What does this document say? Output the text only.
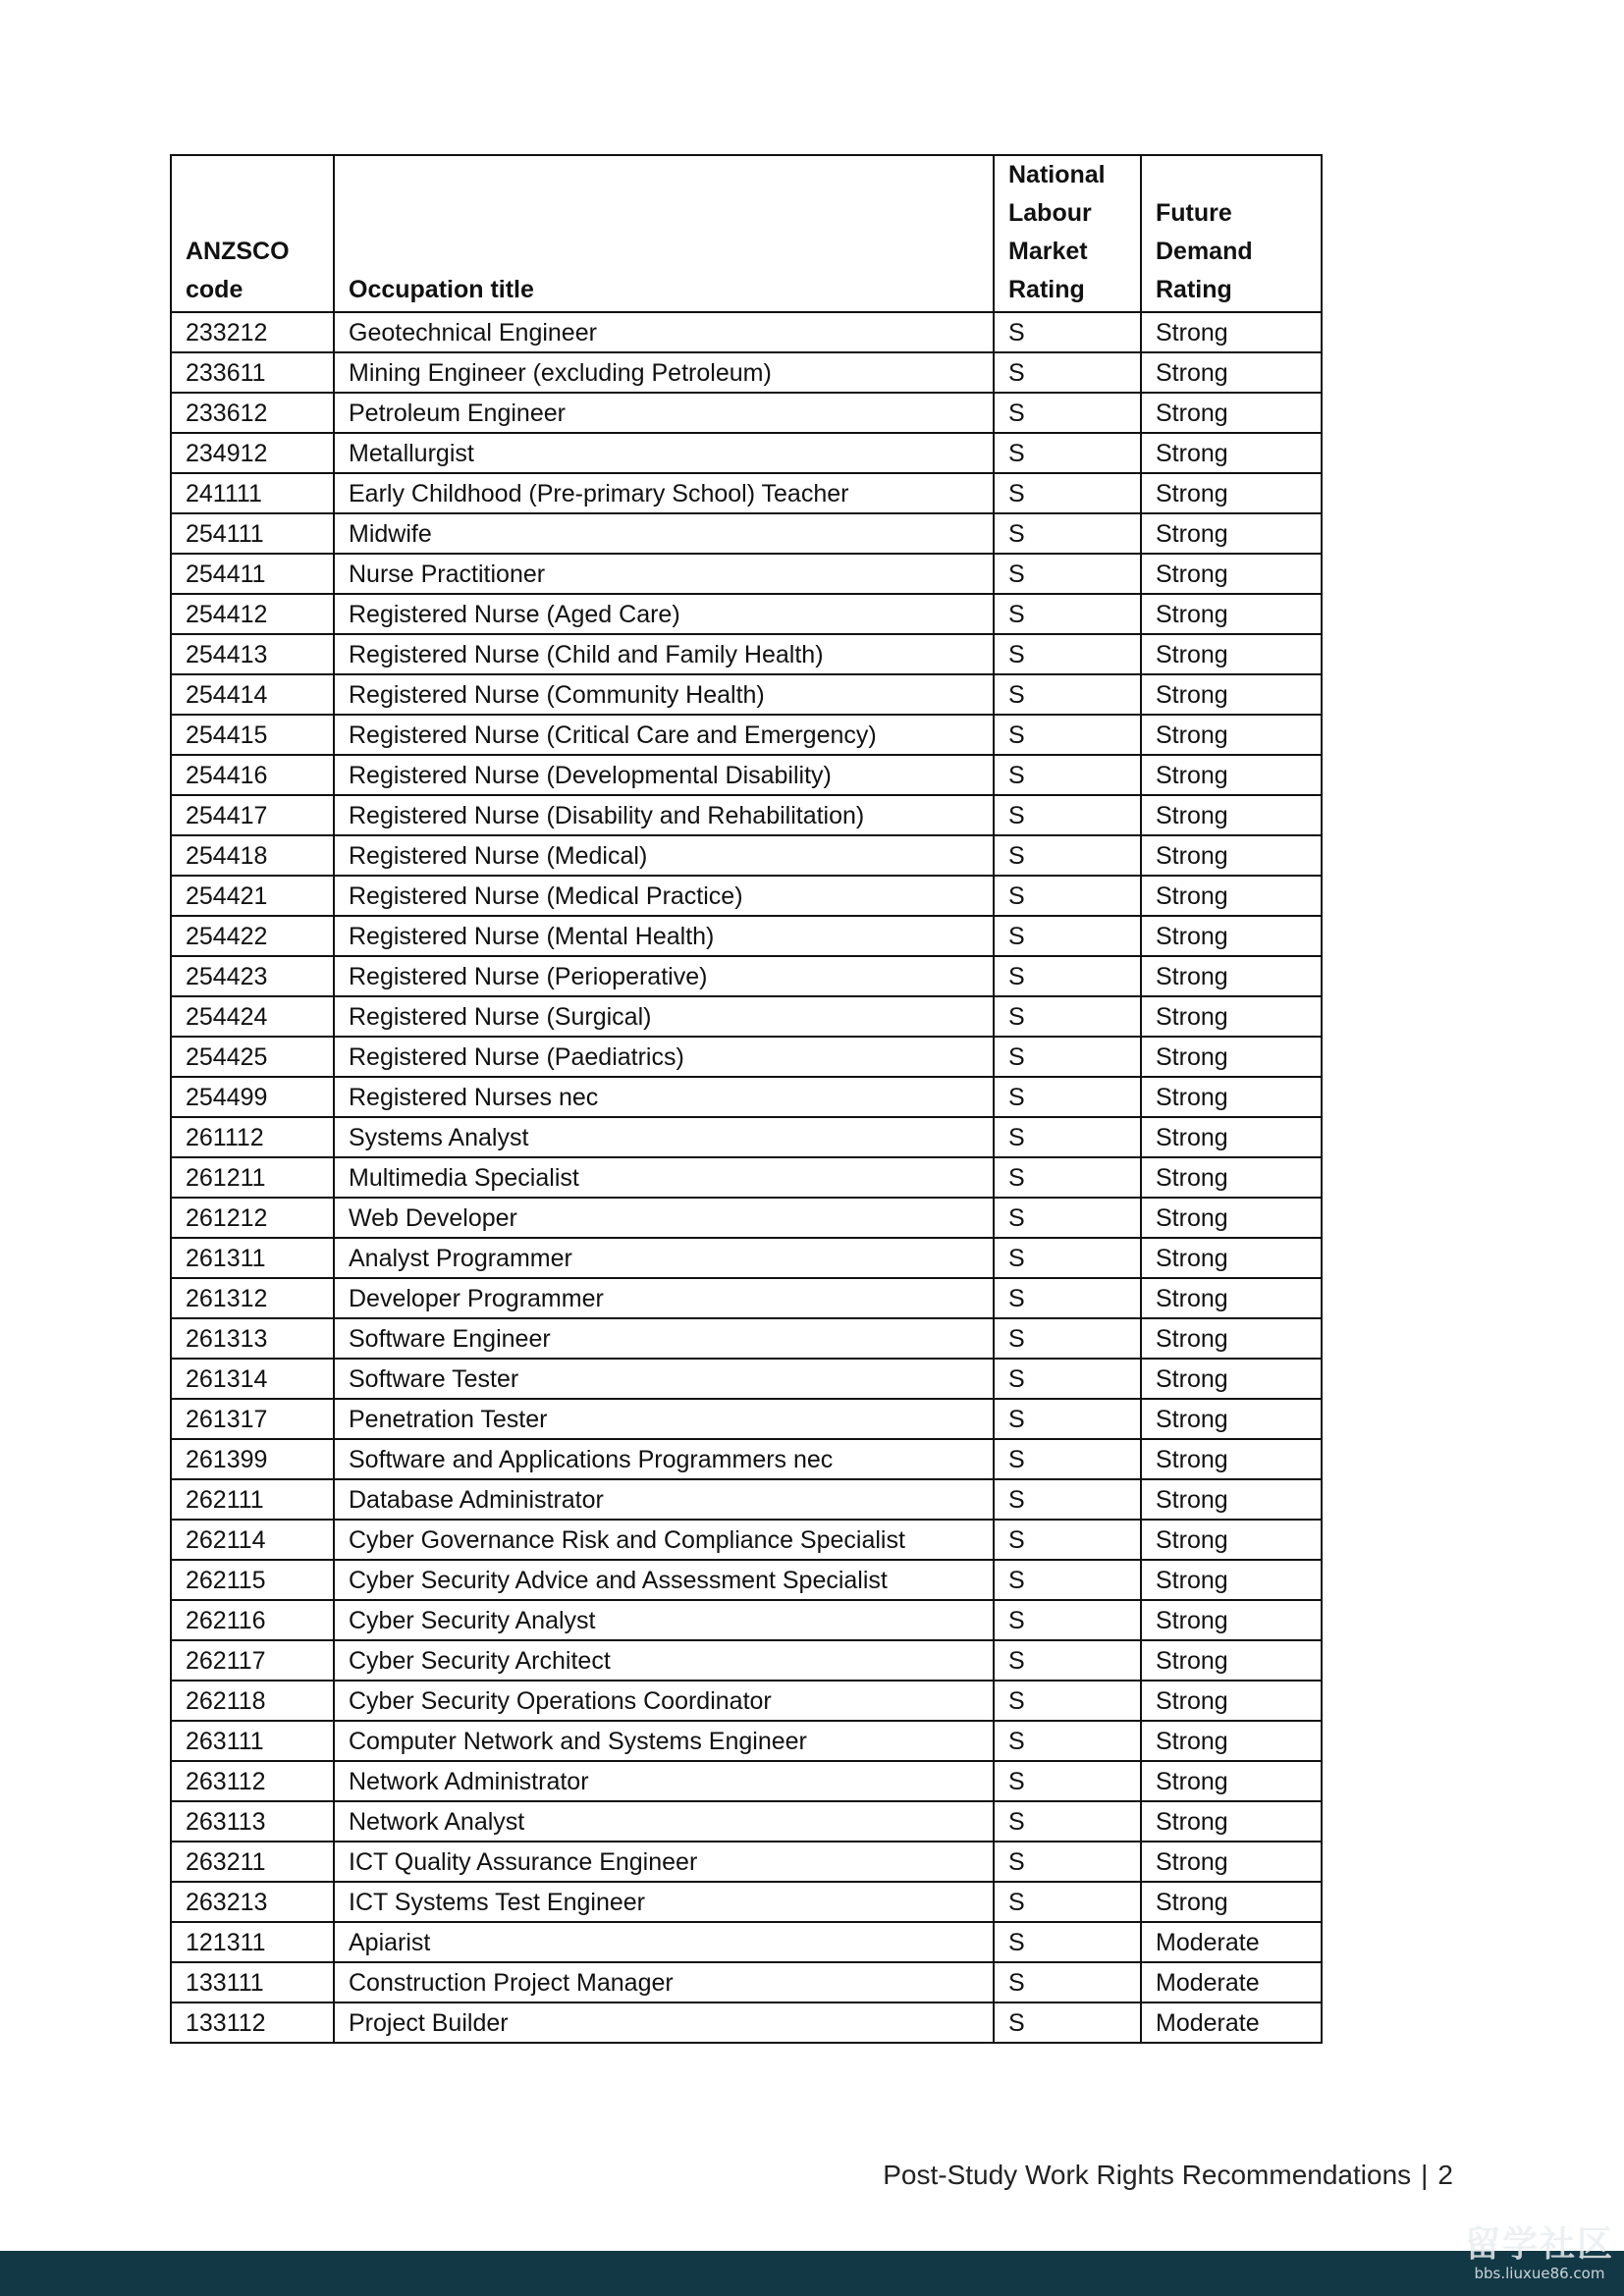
ANZSCO code	Occupation title	National Labour Market Rating	Future Demand Rating
233212	Geotechnical Engineer	S	Strong
233611	Mining Engineer (excluding Petroleum)	S	Strong
233612	Petroleum Engineer	S	Strong
234912	Metallurgist	S	Strong
241111	Early Childhood (Pre-primary School) Teacher	S	Strong
254111	Midwife	S	Strong
254411	Nurse Practitioner	S	Strong
254412	Registered Nurse (Aged Care)	S	Strong
254413	Registered Nurse (Child and Family Health)	S	Strong
254414	Registered Nurse (Community Health)	S	Strong
254415	Registered Nurse (Critical Care and Emergency)	S	Strong
254416	Registered Nurse (Developmental Disability)	S	Strong
254417	Registered Nurse (Disability and Rehabilitation)	S	Strong
254418	Registered Nurse (Medical)	S	Strong
254421	Registered Nurse (Medical Practice)	S	Strong
254422	Registered Nurse (Mental Health)	S	Strong
254423	Registered Nurse (Perioperative)	S	Strong
254424	Registered Nurse (Surgical)	S	Strong
254425	Registered Nurse (Paediatrics)	S	Strong
254499	Registered Nurses nec	S	Strong
261112	Systems Analyst	S	Strong
261211	Multimedia Specialist	S	Strong
261212	Web Developer	S	Strong
261311	Analyst Programmer	S	Strong
261312	Developer Programmer	S	Strong
261313	Software Engineer	S	Strong
261314	Software Tester	S	Strong
261317	Penetration Tester	S	Strong
261399	Software and Applications Programmers nec	S	Strong
262111	Database Administrator	S	Strong
262114	Cyber Governance Risk and Compliance Specialist	S	Strong
262115	Cyber Security Advice and Assessment Specialist	S	Strong
262116	Cyber Security Analyst	S	Strong
262117	Cyber Security Architect	S	Strong
262118	Cyber Security Operations Coordinator	S	Strong
263111	Computer Network and Systems Engineer	S	Strong
263112	Network Administrator	S	Strong
263113	Network Analyst	S	Strong
263211	ICT Quality Assurance Engineer	S	Strong
263213	ICT Systems Test Engineer	S	Strong
121311	Apiarist	S	Moderate
133111	Construction Project Manager	S	Moderate
133112	Project Builder	S	Moderate
Post-Study Work Rights Recommendations | 2
留学社区
bbs.liuxue86.com
